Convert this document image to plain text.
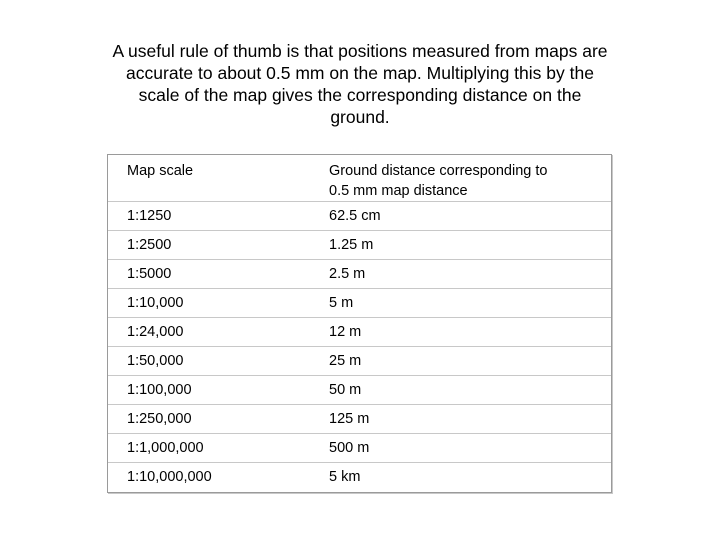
A useful rule of thumb is that positions measured from maps are
accurate to about 0.5 mm on the map. Multiplying this by the
scale of the map gives the corresponding distance on the
ground.
Map scale	Ground distance corresponding to
0.5 mm map distance

1:1250	62.5 cm
1:2500	1.25 m
1:5000	2.5 m
1:10,000	5 m
1:24,000	12 m
1:50,000	25 m
1:100,000	50 m
1:250,000	125 m
1:1,000,000	500 m
1:10,000,000	5 km
